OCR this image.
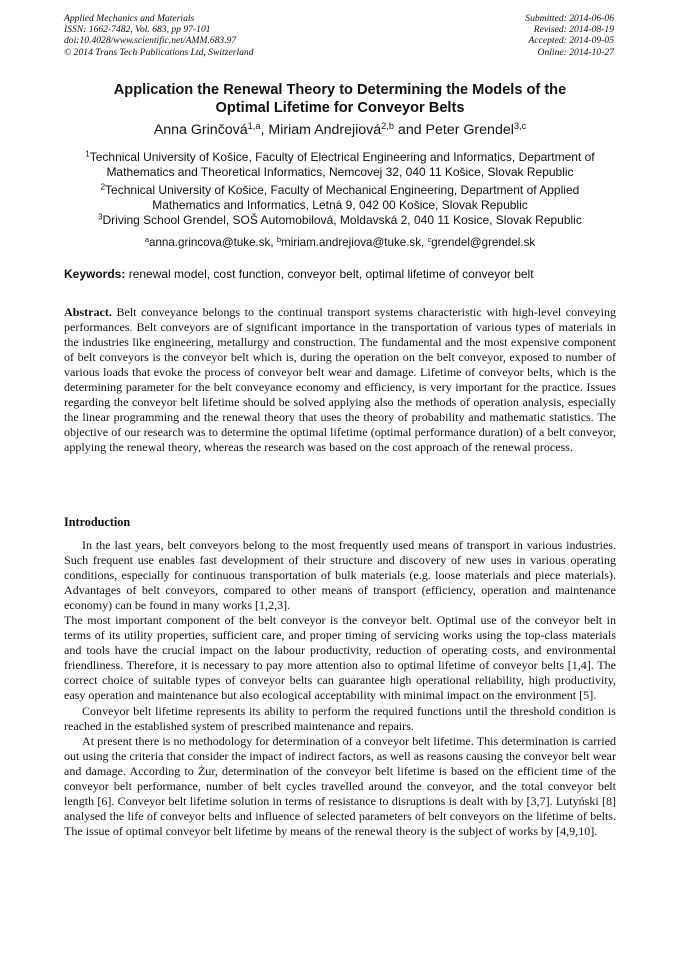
Applied Mechanics and Materials
ISSN: 1662-7482, Vol. 683, pp 97-101
doi:10.4028/www.scientific.net/AMM.683.97
© 2014 Trans Tech Publications Ltd, Switzerland
Submitted: 2014-06-06
Revised: 2014-08-19
Accepted: 2014-09-05
Online: 2014-10-27
Application the Renewal Theory to Determining the Models of the
Optimal Lifetime for Conveyor Belts
Anna Grinčová$^{1,a}$, Miriam Andrejiová$^{2,b}$ and Peter Grendel$^{3,c}$
$^1$Technical University of Košice, Faculty of Electrical Engineering and Informatics, Department of
Mathematics and Theoretical Informatics, Nemcovej 32, 040 11 Košice, Slovak Republic
$^2$Technical University of Košice, Faculty of Mechanical Engineering, Department of Applied
Mathematics and Informatics, Letná 9, 042 00 Košice, Slovak Republic
$^3$Driving School Grendel, SOŠ Automobilová, Moldavská 2, 040 11 Kosice, Slovak Republic
$^a$anna.grincova@tuke.sk, $^b$miriam.andrejiova@tuke.sk, $^c$grendel@grendel.sk
Keywords: renewal model, cost function, conveyor belt, optimal lifetime of conveyor belt
Abstract. Belt conveyance belongs to the continual transport systems characteristic with high-level conveying performances. Belt conveyors are of significant importance in the transportation of various types of materials in the industries like engineering, metallurgy and construction. The fundamental and the most expensive component of belt conveyors is the conveyor belt which is, during the operation on the belt conveyor, exposed to number of various loads that evoke the process of conveyor belt wear and damage. Lifetime of conveyor belts, which is the determining parameter for the belt conveyance economy and efficiency, is very important for the practice. Issues regarding the conveyor belt lifetime should be solved applying also the methods of operation analysis, especially the linear programming and the renewal theory that uses the theory of probability and mathematic statistics. The objective of our research was to determine the optimal lifetime (optimal performance duration) of a belt conveyor, applying the renewal theory, whereas the research was based on the cost approach of the renewal process.
Introduction

In the last years, belt conveyors belong to the most frequently used means of transport in various industries. Such frequent use enables fast development of their structure and discovery of new uses in various operating conditions, especially for continuous transportation of bulk materials (e.g. loose materials and piece materials). Advantages of belt conveyors, compared to other means of transport (efficiency, operation and maintenance economy) can be found in many works [1,2,3].

The most important component of the belt conveyor is the conveyor belt. Optimal use of the conveyor belt in terms of its utility properties, sufficient care, and proper timing of servicing works using the top-class materials and tools have the crucial impact on the labour productivity, reduction of operating costs, and environmental friendliness. Therefore, it is necessary to pay more attention also to optimal lifetime of conveyor belts [1,4]. The correct choice of suitable types of conveyor belts can guarantee high operational reliability, high productivity, easy operation and maintenance but also ecological acceptability with minimal impact on the environment [5].

Conveyor belt lifetime represents its ability to perform the required functions until the threshold condition is reached in the established system of prescribed maintenance and repairs.

At present there is no methodology for determination of a conveyor belt lifetime. This determination is carried out using the criteria that consider the impact of indirect factors, as well as reasons causing the conveyor belt wear and damage. According to Żur, determination of the conveyor belt lifetime is based on the efficient time of the conveyor belt performance, number of belt cycles travelled around the conveyor, and the total conveyor belt length [6]. Conveyor belt lifetime solution in terms of resistance to disruptions is dealt with by [3,7]. Lutyński [8] analysed the life of conveyor belts and influence of selected parameters of belt conveyors on the lifetime of belts. The issue of optimal conveyor belt lifetime by means of the renewal theory is the subject of works by [4,9,10].
